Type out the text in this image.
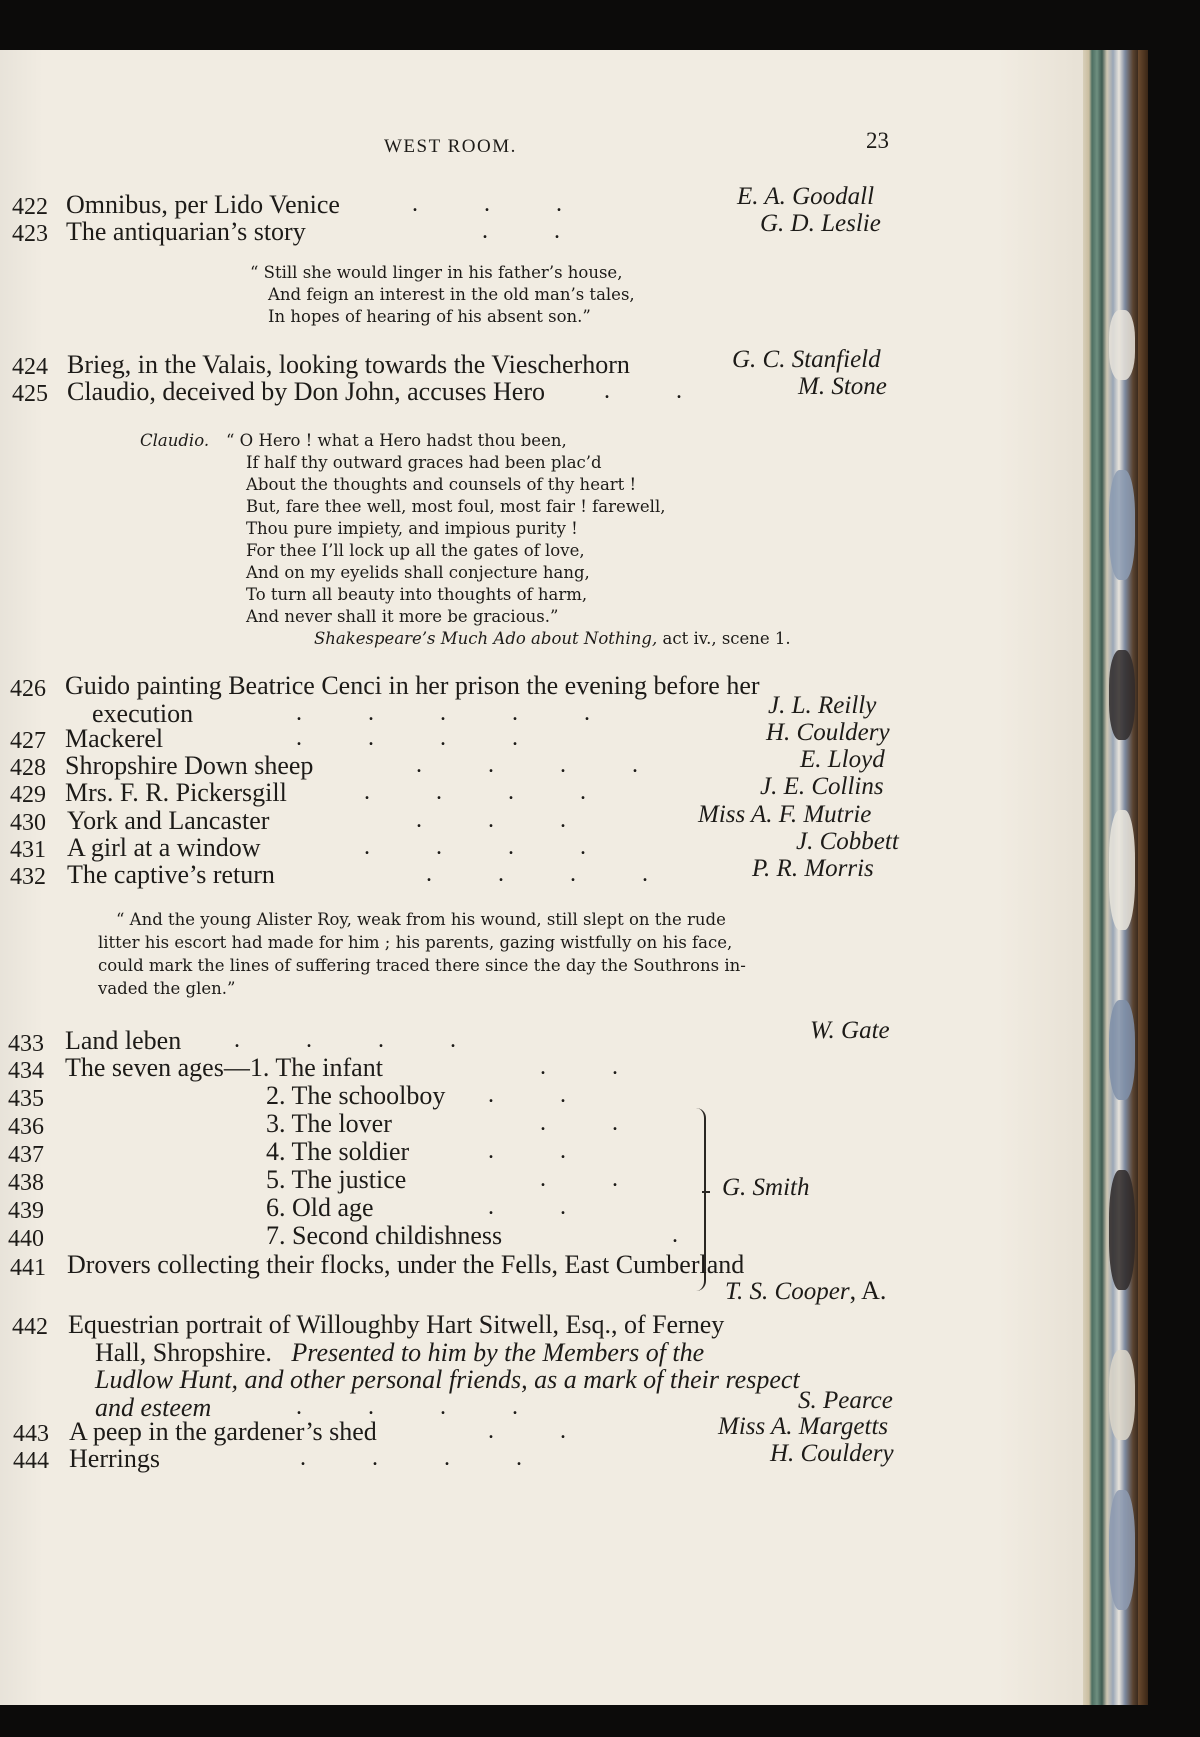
WEST ROOM.	23
422 Omnibus, per Lido Venice	.           .           .	E. A. Goodall
423 The antiquarian’s story	.           .	G. D. Leslie
“ Still she would linger in his father’s house,
And feign an interest in the old man’s tales,
In hopes of hearing of his absent son.”
424 Brieg, in the Valais, looking towards the Viescherhorn	G. C. Stanfield
425 Claudio, deceived by Don John, accuses Hero .           .	M. Stone
Claudio. “ O Hero ! what a Hero hadst thou been,
If half thy outward graces had been plac’d
About the thoughts and counsels of thy heart !
But, fare thee well, most foul, most fair ! farewell,
Thou pure impiety, and impious purity !
For thee I’ll lock up all the gates of love,
And on my eyelids shall conjecture hang,
To turn all beauty into thoughts of harm,
And never shall it more be gracious.”
Shakespeare’s Much Ado about Nothing, act iv., scene 1.
426 Guido painting Beatrice Cenci in her prison the evening before her
execution	.           .           .           .           .	J. L. Reilly
427 Mackerel	.           .           .           .	H. Couldery
428 Shropshire Down sheep	.           .           .           .	E. Lloyd
429 Mrs. F. R. Pickersgill	.           .           .           .	J. E. Collins
430 York and Lancaster	.           .           .	Miss A. F. Mutrie
431 A girl at a window	.           .           .           .	J. Cobbett
432 The captive’s return	.           .           .           .	P. R. Morris
“ And the young Alister Roy, weak from his wound, still slept on the rude
litter his escort had made for him ; his parents, gazing wistfully on his face,
could mark the lines of suffering traced there since the day the Southrons in-
vaded the glen.”
433 Land leben .           .           .           .	W. Gate
434 The seven ages—1. The infant	.           .
435	2. The schoolboy .           .
436	3. The lover	.           .
437	4. The soldier	.           .
438	5. The justice	.           .
439	6. Old age	.           .
440	7. Second childishness	.
G. Smith
441 Drovers collecting their flocks, under the Fells, East Cumberland
T. S. Cooper, A.
442 Equestrian portrait of Willoughby Hart Sitwell, Esq., of Ferney
Hall, Shropshire. Presented to him by the Members of the
Ludlow Hunt, and other personal friends, as a mark of their respect
and esteem	.           .           .           .	S. Pearce
443 A peep in the gardener’s shed	.           .	Miss A. Margetts
444 Herrings	.           .           .           .	H. Couldery
